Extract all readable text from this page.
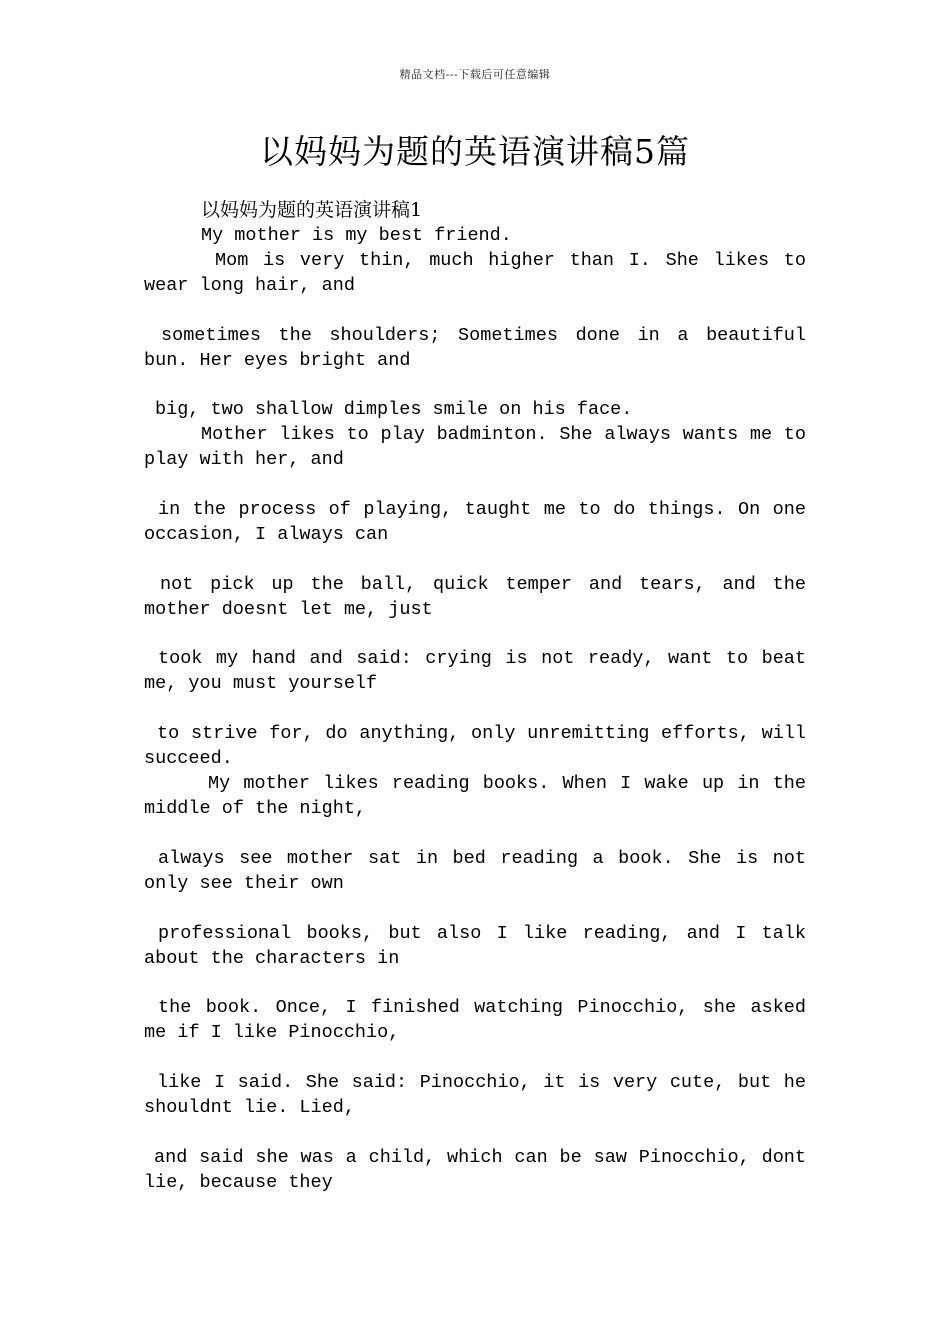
精品文档---下载后可任意编辑
以妈妈为题的英语演讲稿5篇
以妈妈为题的英语演讲稿1
My mother is my best friend.
Mom is very thin, much higher than I. She likes to
wear long hair, and
sometimes the shoulders; Sometimes done in a beautiful
bun. Her eyes bright and
big, two shallow dimples smile on his face.
Mother likes to play badminton. She always wants me to
play with her, and
in the process of playing, taught me to do things. On one
occasion, I always can
not pick up the ball, quick temper and tears, and the
mother doesnt let me, just
took my hand and said: crying is not ready, want to beat
me, you must yourself
to strive for, do anything, only unremitting efforts, will
succeed.
My mother likes reading books. When I wake up in the
middle of the night,
always see mother sat in bed reading a book. She is not
only see their own
professional books, but also I like reading, and I talk
about the characters in
the book. Once, I finished watching Pinocchio, she asked
me if I like Pinocchio,
like I said. She said: Pinocchio, it is very cute, but he
shouldnt lie. Lied,
and said she was a child, which can be saw Pinocchio, dont
lie, because they
